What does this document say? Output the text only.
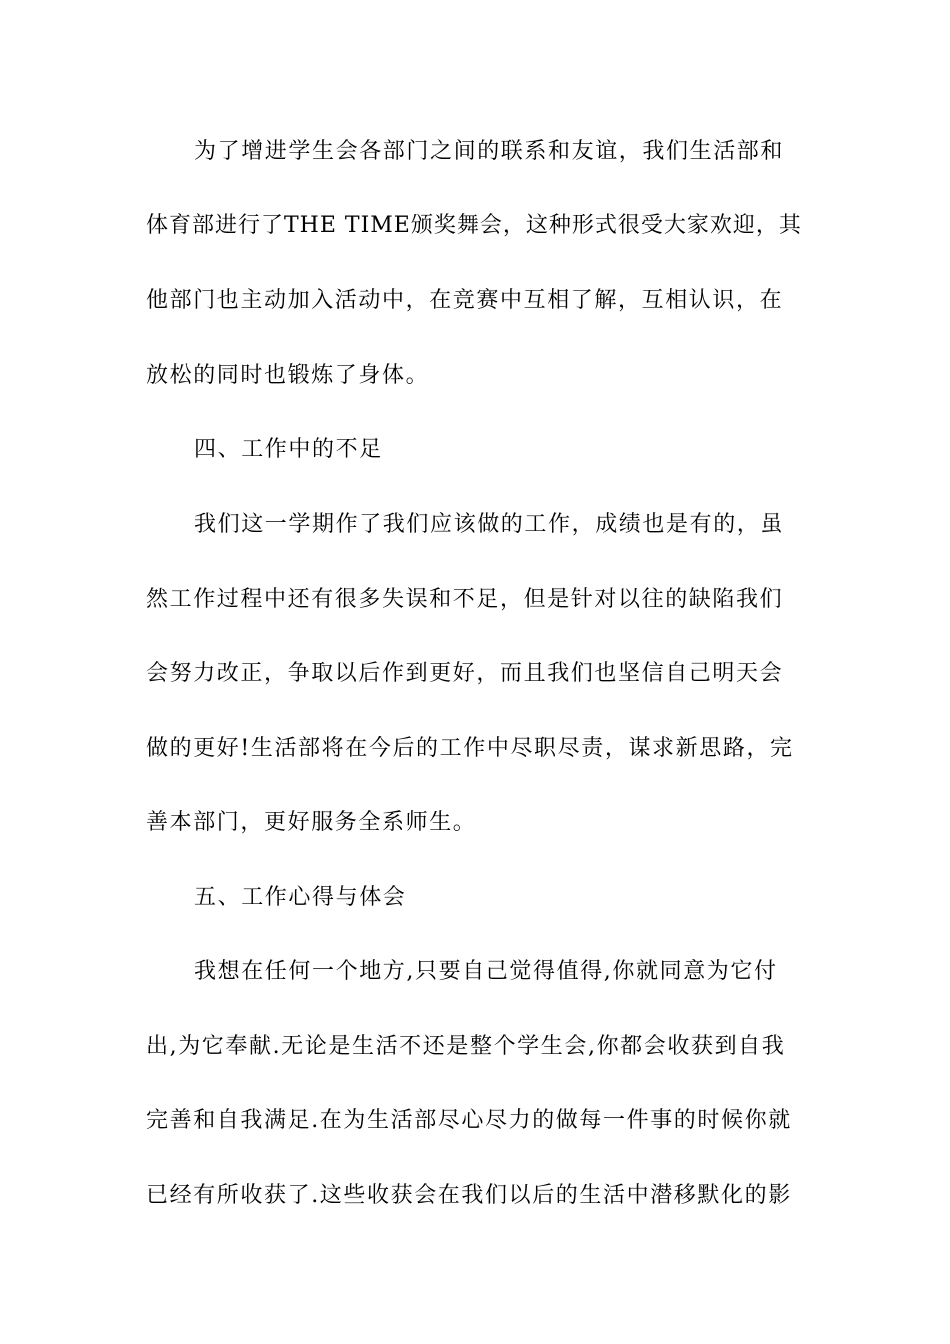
为了增进学生会各部门之间的联系和友谊，我们生活部和
体育部进行了THE TIME颁奖舞会，这种形式很受大家欢迎，其
他部门也主动加入活动中，在竞赛中互相了解，互相认识，在
放松的同时也锻炼了身体。
四、工作中的不足
我们这一学期作了我们应该做的工作，成绩也是有的，虽
然工作过程中还有很多失误和不足，但是针对以往的缺陷我们
会努力改正，争取以后作到更好，而且我们也坚信自己明天会
做的更好!生活部将在今后的工作中尽职尽责，谋求新思路，完
善本部门，更好服务全系师生。
五、工作心得与体会
我想在任何一个地方,只要自己觉得值得,你就同意为它付
出,为它奉献.无论是生活不还是整个学生会,你都会收获到自我
完善和自我满足.在为生活部尽心尽力的做每一件事的时候你就
已经有所收获了.这些收获会在我们以后的生活中潜移默化的影
